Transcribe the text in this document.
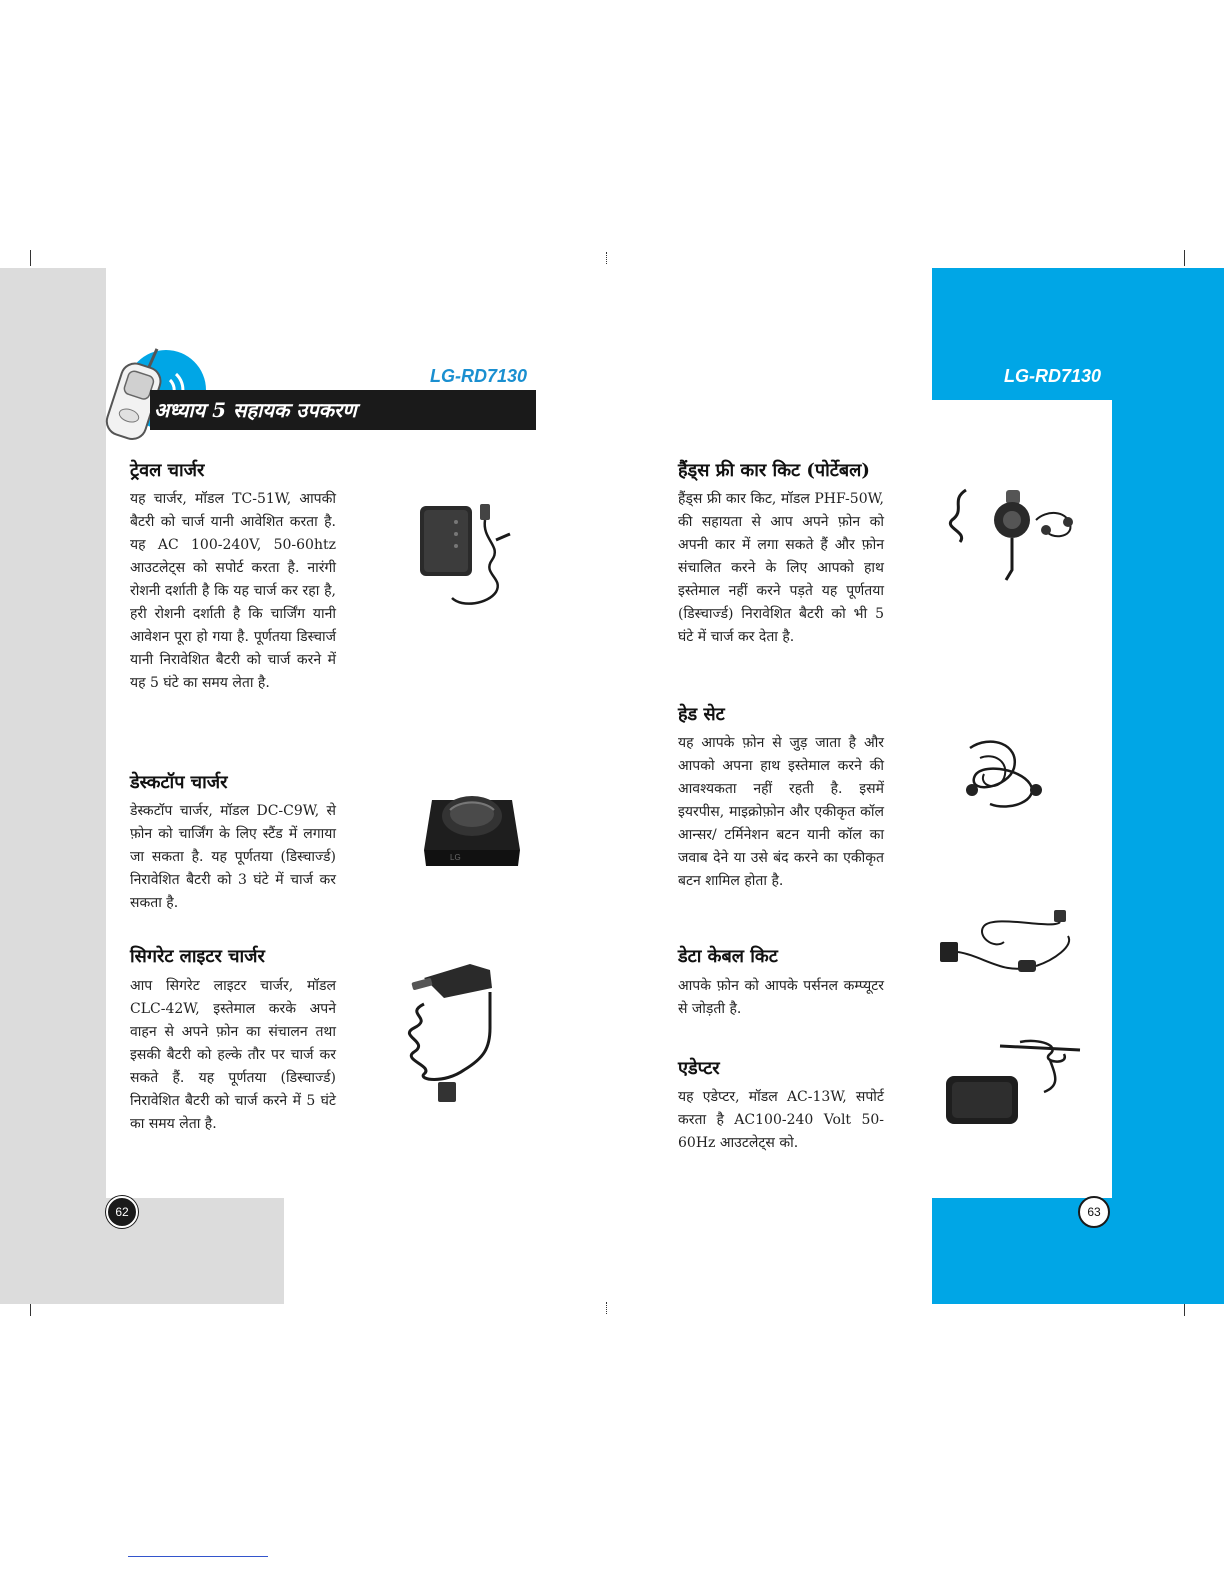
LG-RD7130
अध्याय 5 सहायक उपकरण
ट्रेवल चार्जर
यह चार्जर, मॉडल TC-51W, आपकी बैटरी को चार्ज यानी आवेशित करता है. यह AC 100-240V, 50-60htz आउटलेट्स को सपोर्ट करता है. नारंगी रोशनी दर्शाती है कि यह चार्ज कर रहा है, हरी रोशनी दर्शाती है कि चार्जिंग यानी आवेशन पूरा हो गया है. पूर्णतया डिस्चार्ज यानी निरावेशित बैटरी को चार्ज करने में यह 5 घंटे का समय लेता है.
डेस्कटॉप चार्जर
डेस्कटॉप चार्जर, मॉडल DC-C9W, से फ़ोन को चार्जिंग के लिए स्टैंड में लगाया जा सकता है. यह पूर्णतया (डिस्चार्ज्ड) निरावेशित बैटरी को 3 घंटे में चार्ज कर सकता है.
LG
सिगरेट लाइटर चार्जर
आप सिगरेट लाइटर चार्जर, मॉडल CLC-42W, इस्तेमाल करके अपने वाहन से अपने फ़ोन का संचालन तथा इसकी बैटरी को हल्के तौर पर चार्ज कर सकते हैं. यह पूर्णतया (डिस्चार्ज्ड) निरावेशित बैटरी को चार्ज करने में 5 घंटे का समय लेता है.
62
LG-RD7130
हैंड्स फ्री कार किट (पोर्टेबल)
हैंड्स फ्री कार किट, मॉडल PHF-50W, की सहायता से आप अपने फ़ोन को अपनी कार में लगा सकते हैं और फ़ोन संचालित करने के लिए आपको हाथ इस्तेमाल नहीं करने पड़ते यह पूर्णतया (डिस्चार्ज्ड) निरावेशित बैटरी को भी 5 घंटे में चार्ज कर देता है.
हेड सेट
यह आपके फ़ोन से जुड़ जाता है और आपको अपना हाथ इस्तेमाल करने की आवश्यकता नहीं रहती है. इसमें इयरपीस, माइक्रोफ़ोन और एकीकृत कॉल आन्सर/ टर्मिनेशन बटन यानी कॉल का जवाब देने या उसे बंद करने का एकीकृत बटन शामिल होता है.
डेटा केबल किट
आपके फ़ोन को आपके पर्सनल कम्प्यूटर से जोड़ती है.
एडेप्टर
यह एडेप्टर, मॉडल AC-13W, सपोर्ट करता है AC100-240 Volt 50-60Hz आउटलेट्स को.
63
